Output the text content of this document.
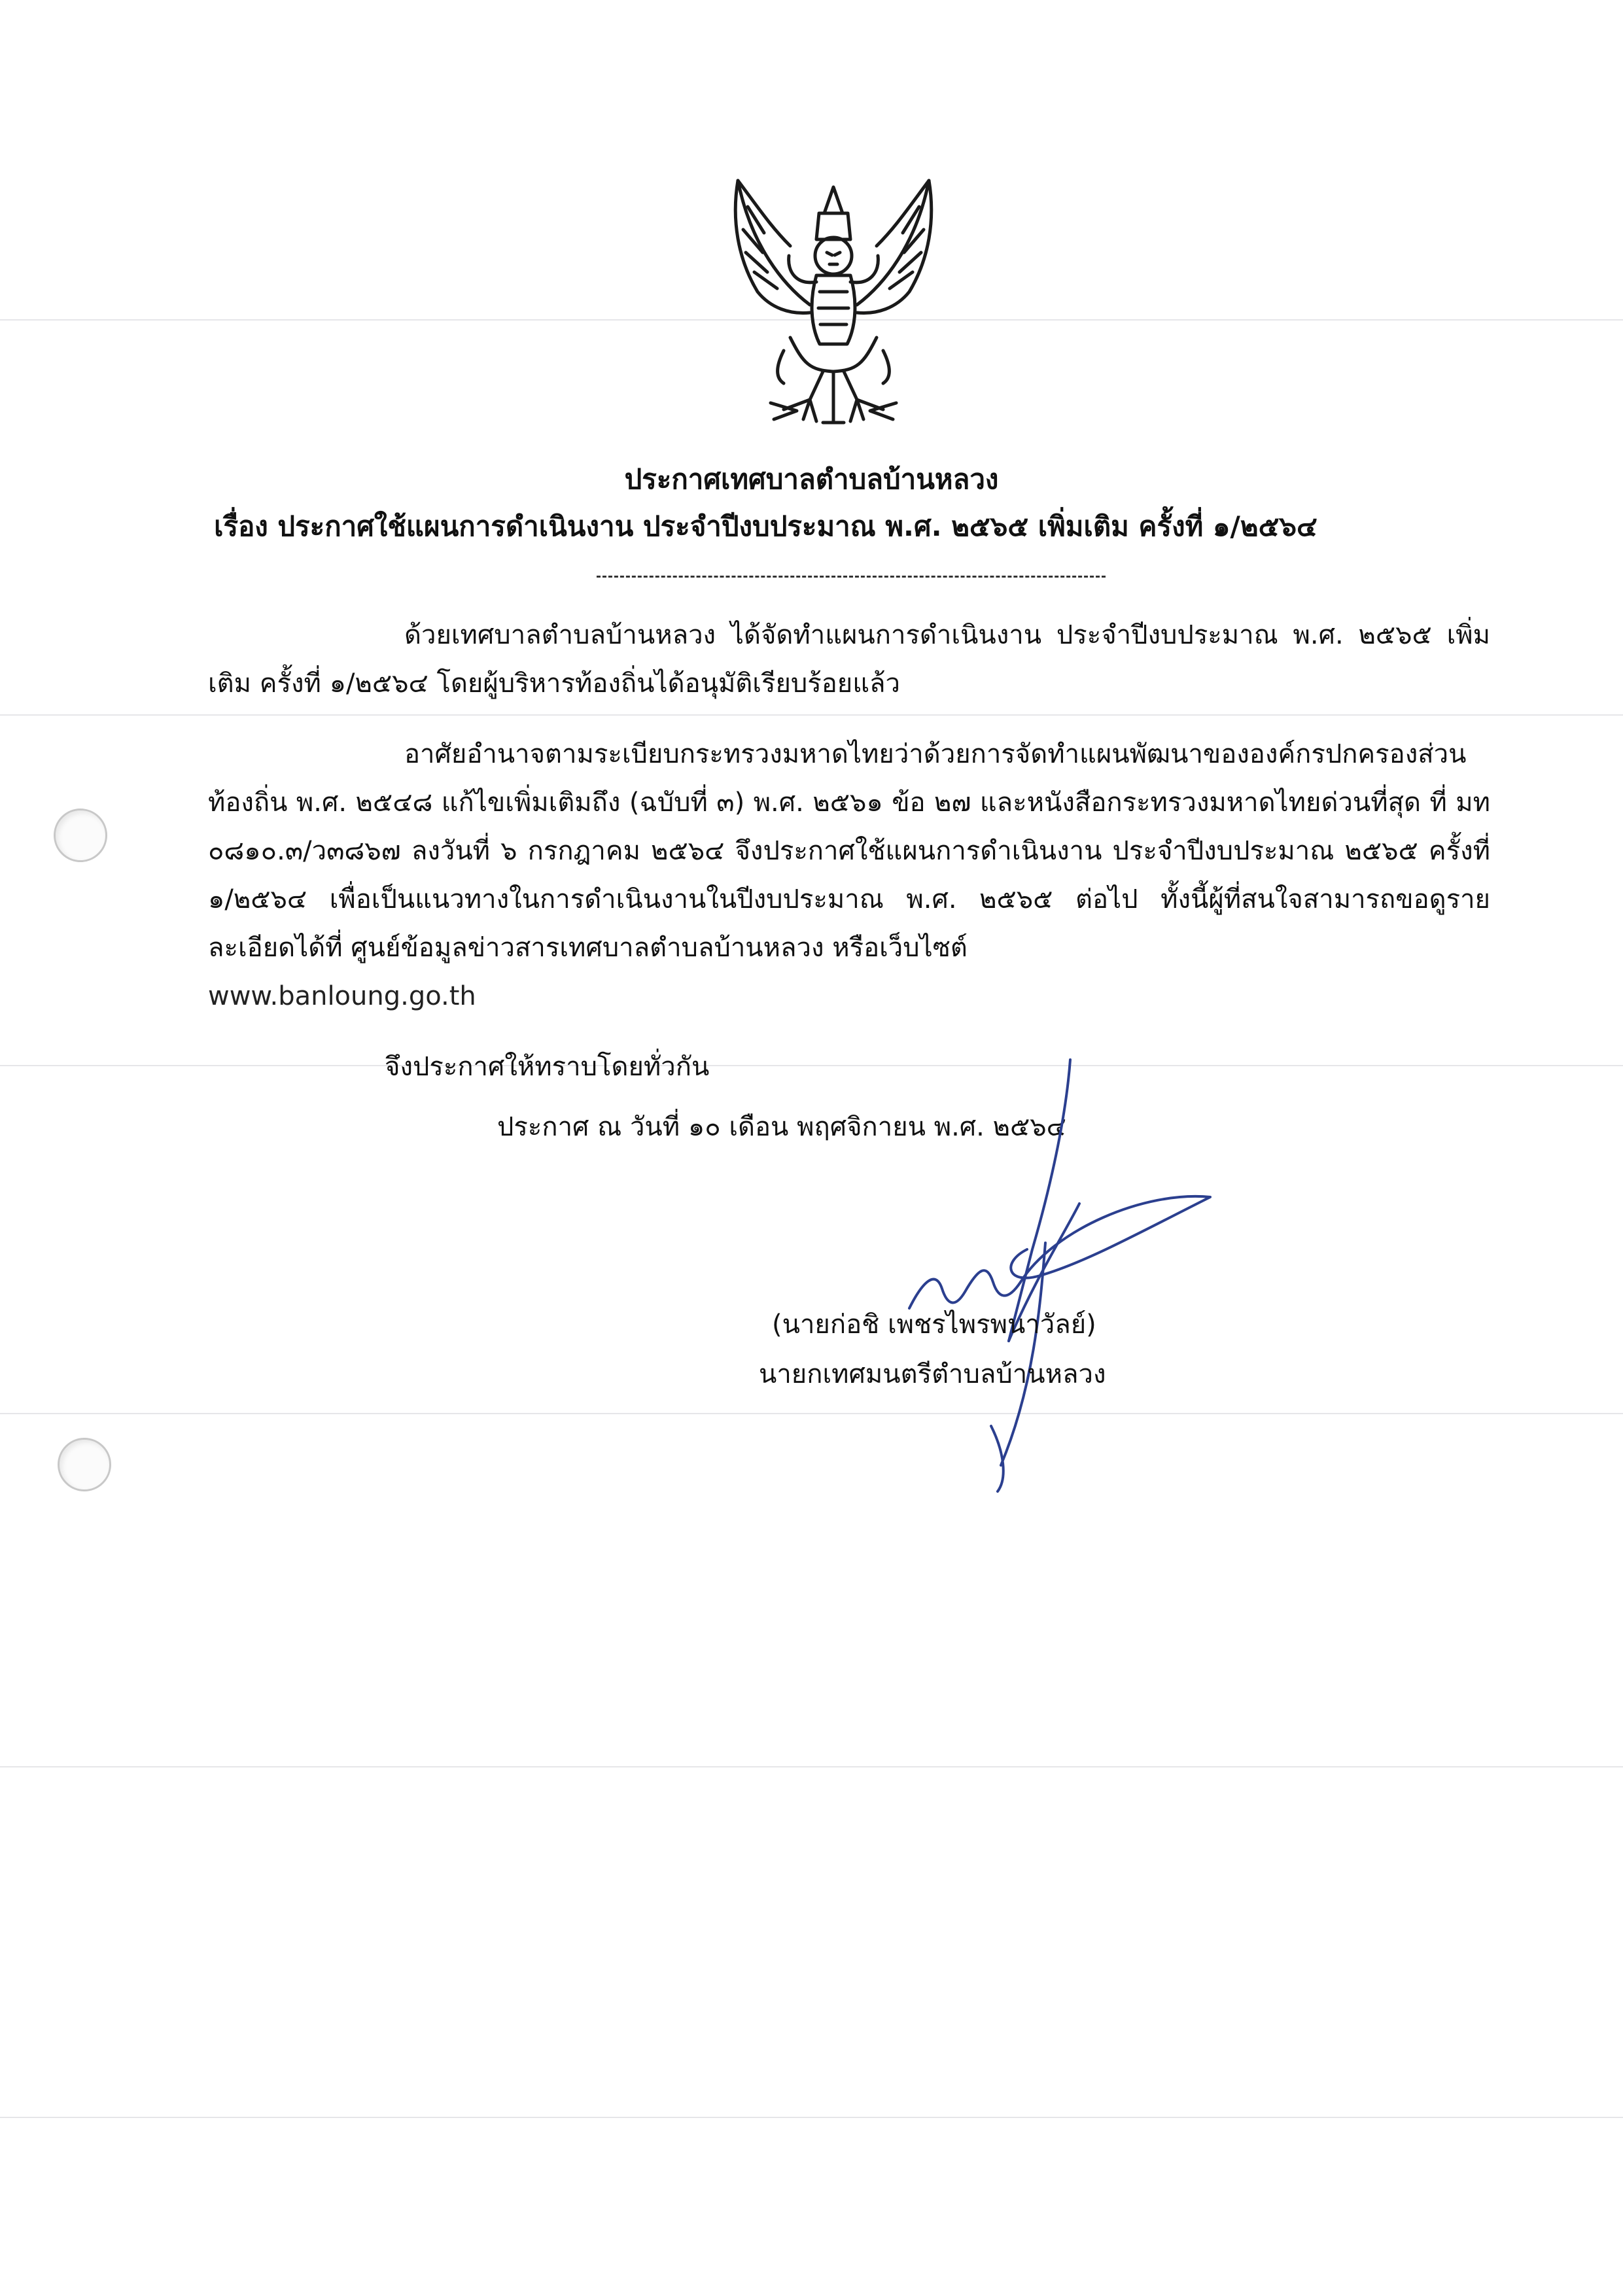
ประกาศเทศบาลตำบลบ้านหลวง
เรื่อง ประกาศใช้แผนการดำเนินงาน ประจำปีงบประมาณ พ.ศ. ๒๕๖๕ เพิ่มเติม ครั้งที่ ๑/๒๕๖๔
ด้วยเทศบาลตำบลบ้านหลวง ได้จัดทำแผนการดำเนินงาน ประจำปีงบประมาณ พ.ศ. ๒๕๖๕ เพิ่มเติม ครั้งที่ ๑/๒๕๖๔ โดยผู้บริหารท้องถิ่นได้อนุมัติเรียบร้อยแล้ว
อาศัยอำนาจตามระเบียบกระทรวงมหาดไทยว่าด้วยการจัดทำแผนพัฒนาขององค์กรปกครองส่วนท้องถิ่น พ.ศ. ๒๕๔๘ แก้ไขเพิ่มเติมถึง (ฉบับที่ ๓) พ.ศ. ๒๕๖๑ ข้อ ๒๗ และหนังสือกระทรวงมหาดไทยด่วนที่สุด ที่ มท ๐๘๑๐.๓/ว๓๘๖๗ ลงวันที่ ๖ กรกฎาคม ๒๕๖๔ จึงประกาศใช้แผนการดำเนินงาน ประจำปีงบประมาณ ๒๕๖๕ ครั้งที่ ๑/๒๕๖๔ เพื่อเป็นแนวทางในการดำเนินงานในปีงบประมาณ พ.ศ. ๒๕๖๕ ต่อไป ทั้งนี้ผู้ที่สนใจสามารถขอดูรายละเอียดได้ที่ ศูนย์ข้อมูลข่าวสารเทศบาลตำบลบ้านหลวง หรือเว็บไซต์
www.banloung.go.th
จึงประกาศให้ทราบโดยทั่วกัน
ประกาศ ณ วันที่ ๑๐ เดือน พฤศจิกายน พ.ศ. ๒๕๖๔
(นายก่อชิ เพชรไพรพนาวัลย์)
นายกเทศมนตรีตำบลบ้านหลวง
